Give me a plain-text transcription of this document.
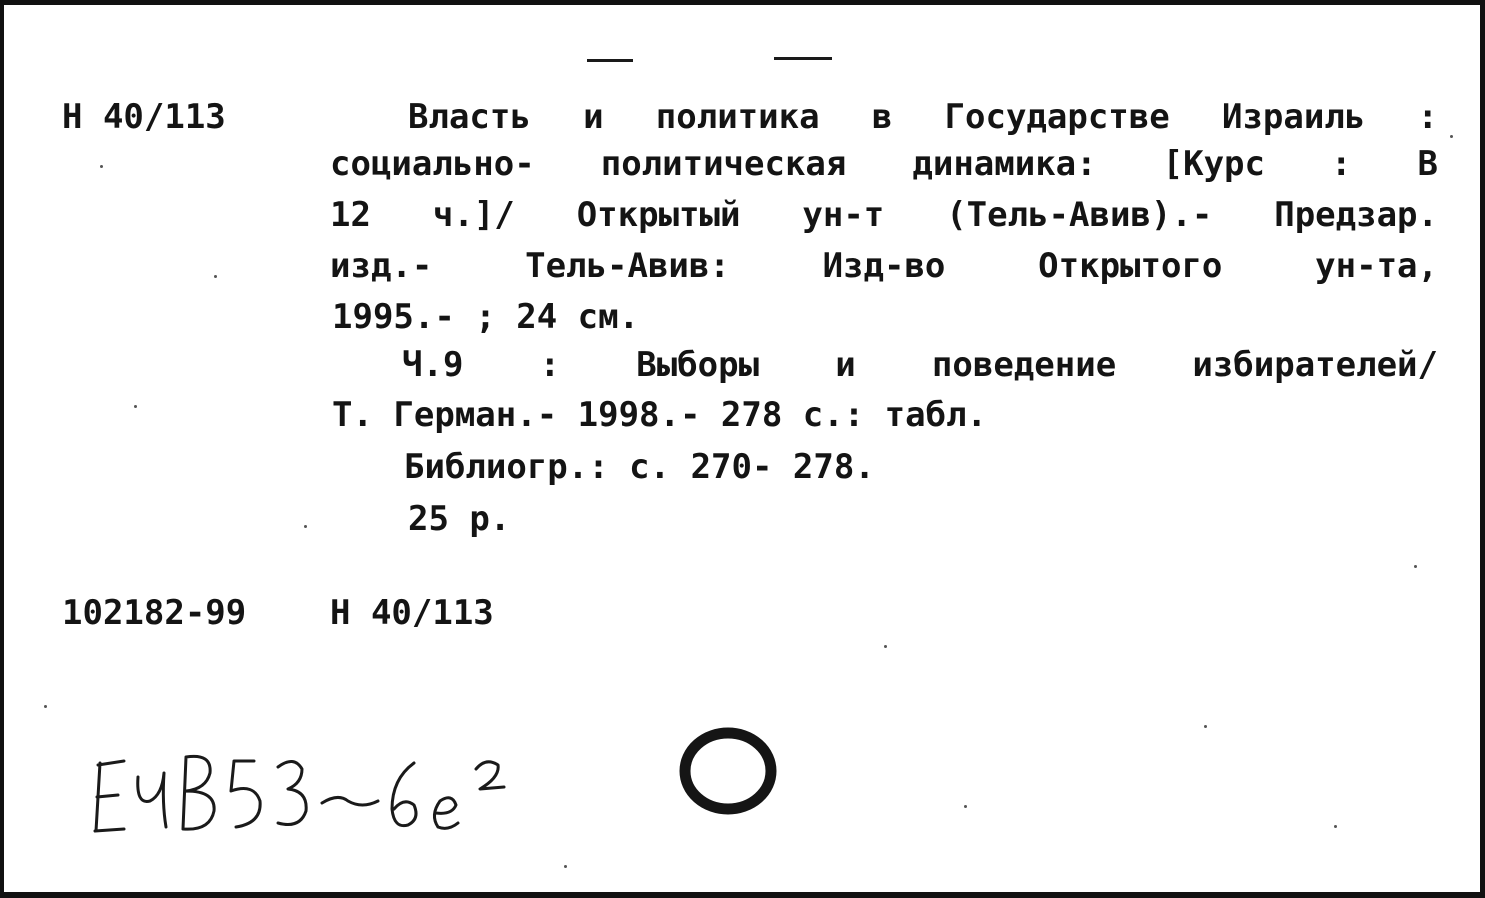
Н 40/113	Власть и политика в Государстве Израиль :
социально- политическая динамика: [Курс : В
12 ч.]/ Открытый ун-т (Тель-Авив).- Предзар.
изд.- Тель-Авив: Изд-во Открытого ун-та,
1995.- ; 24 см.
Ч.9 : Выборы и поведение избирателей/
Т. Герман.- 1998.- 278 с.: табл.
Библиогр.: с. 270- 278.
25 р.
102182-99 Н 40/113
